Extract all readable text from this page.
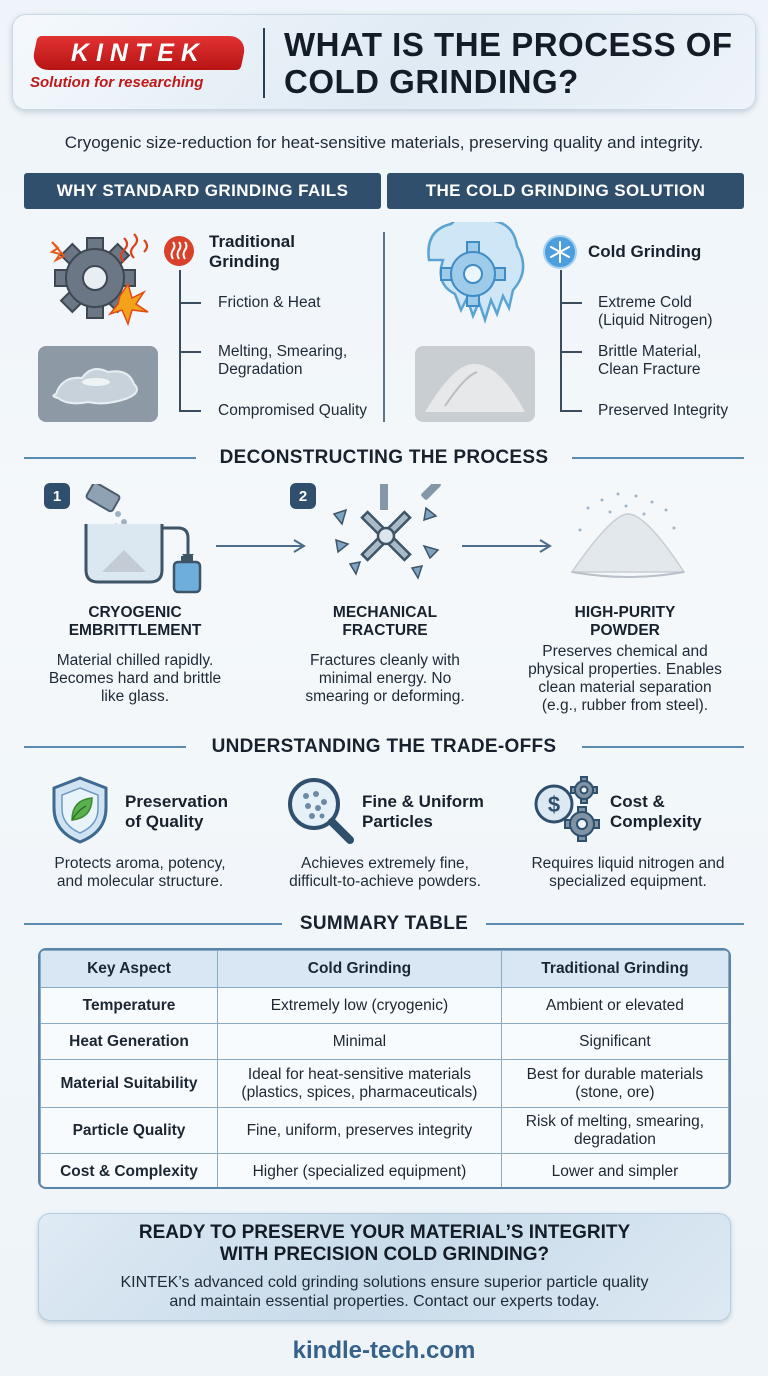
KINTEK
Solution for researching
WHAT IS THE PROCESS OF COLD GRINDING?
Cryogenic size-reduction for heat-sensitive materials, preserving quality and integrity.
WHY STANDARD GRINDING FAILS	THE COLD GRINDING SOLUTION
Traditional
Grinding
Friction & Heat
Melting, Smearing,
Degradation
Compromised Quality
Cold Grinding
Extreme Cold
(Liquid Nitrogen)
Brittle Material,
Clean Fracture
Preserved Integrity
DECONSTRUCTING THE PROCESS
1
CRYOGENIC
EMBRITTLEMENT
Material chilled rapidly.
Becomes hard and brittle
like glass.
2
MECHANICAL
FRACTURE
Fractures cleanly with
minimal energy. No
smearing or deforming.
HIGH-PURITY
POWDER
Preserves chemical and
physical properties. Enables
clean material separation
(e.g., rubber from steel).
UNDERSTANDING THE TRADE-OFFS
Preservation
of Quality
Protects aroma, potency,
and molecular structure.
Fine & Uniform
Particles
Achieves extremely fine,
difficult-to-achieve powders.
$	Cost &
Complexity
Requires liquid nitrogen and
specialized equipment.
SUMMARY TABLE
Key Aspect	Cold Grinding	Traditional Grinding
Temperature	Extremely low (cryogenic)	Ambient or elevated
Heat Generation	Minimal	Significant
Material Suitability	Ideal for heat-sensitive materials (plastics, spices, pharmaceuticals)	Best for durable materials (stone, ore)
Particle Quality	Fine, uniform, preserves integrity	Risk of melting, smearing, degradation
Cost & Complexity	Higher (specialized equipment)	Lower and simpler
READY TO PRESERVE YOUR MATERIAL’S INTEGRITY
WITH PRECISION COLD GRINDING?
KINTEK’s advanced cold grinding solutions ensure superior particle quality
and maintain essential properties. Contact our experts today.
kindle-tech.com
